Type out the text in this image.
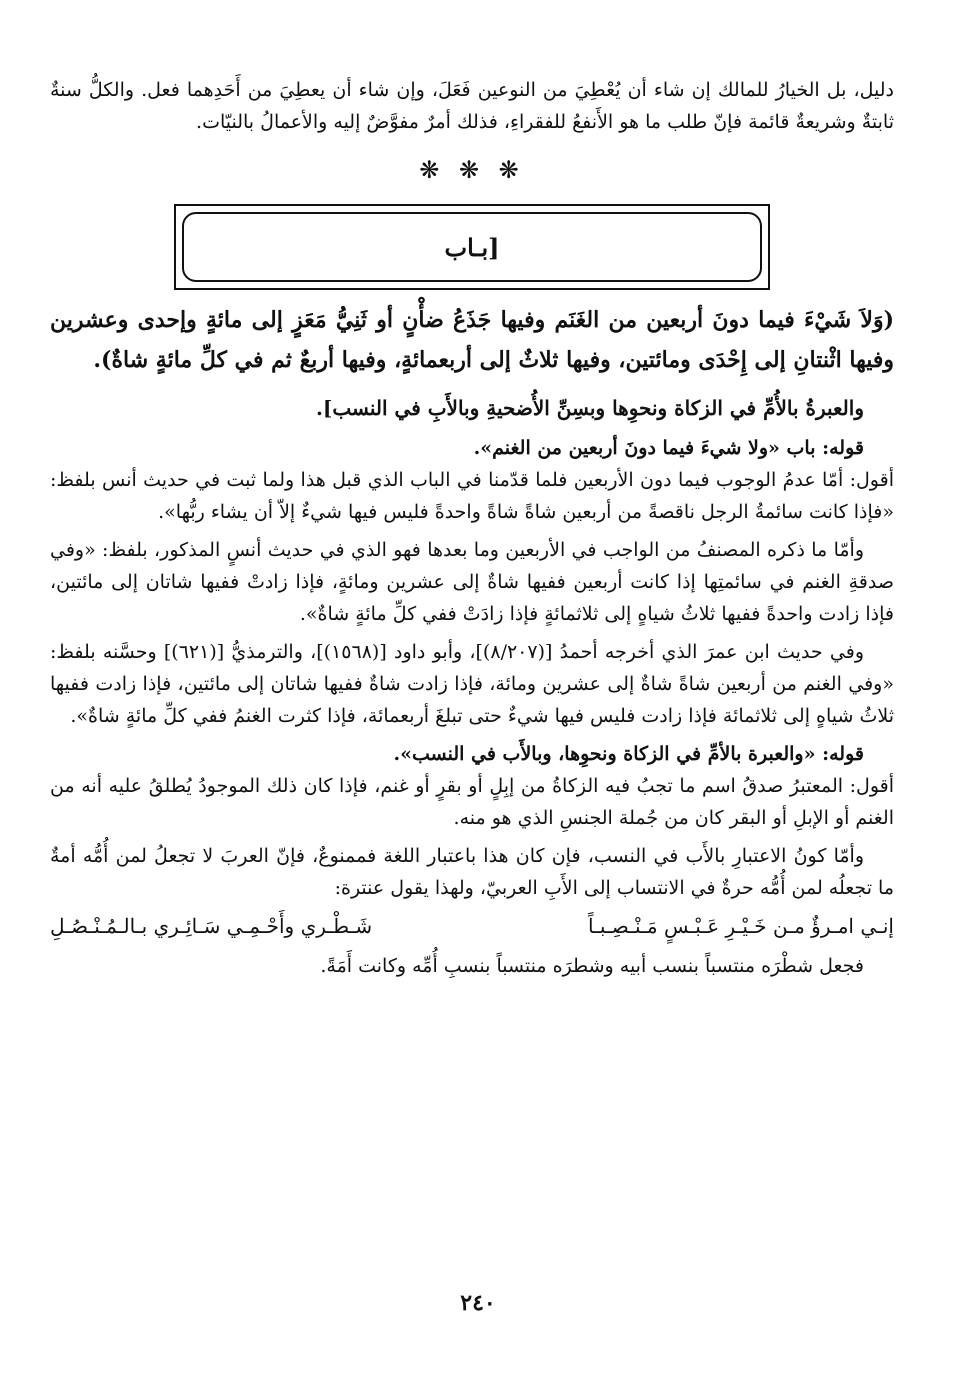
دليل، بل الخيارُ للمالك إن شاء أن يُعْطِيَ من النوعين فَعَلَ، وإن شاء أن يعطِيَ من أَحَدِهما فعل. والكلُّ سنةٌ ثابتةٌ وشريعةٌ قائمة فإنّ طلب ما هو الأَنفعُ للفقراءِ، فذلك أمرٌ مفوَّضٌ إليه والأعمالُ بالنيّات.

❋ ❋ ❋
[بـاب

(وَلاَ شَيْءَ فيما دونَ أربعين من الغَنَم وفيها جَذَعُ ضأْنٍ أو ثَنِيُّ مَعَزٍ إلى مائةٍ وإحدى وعشرين وفيها اثْنتانِ إلى إِحْدَى ومائتين، وفيها ثلاثٌ إلى أربعمائةٍ، وفيها أربعٌ ثم في كلِّ مائةٍ شاةٌ).

والعبرةُ بالأُمِّ في الزكاة ونحوِها وبسِنِّ الأُضحيةِ وبالأَبِ في النسب].

قوله: باب «ولا شيءَ فيما دونَ أربعين من الغنم».

أقول: أمّا عدمُ الوجوب فيما دون الأربعين فلما قدّمنا في الباب الذي قبل هذا ولما ثبت في حديث أنس بلفظ: «فإذا كانت سائمةُ الرجل ناقصةً من أربعين شاةً شاةً واحدةً فليس فيها شيءٌ إلاّ أن يشاء ربُّها».

وأمّا ما ذكره المصنفُ من الواجب في الأربعين وما بعدها فهو الذي في حديث أنسٍ المذكور، بلفظ: «وفي صدقةِ الغنم في سائمتِها إذا كانت أربعين ففيها شاةٌ إلى عشرين ومائةٍ، فإذا زادتْ ففيها شاتان إلى مائتين، فإذا زادت واحدةً ففيها ثلاثُ شياهٍ إلى ثلاثمائةٍ فإذا زادَتْ ففي كلِّ مائةٍ شاةٌ».

وفي حديث ابن عمرَ الذي أخرجه أحمدُ [(٨/٢٠٧)]، وأبو داود [(١٥٦٨)]، والترمذيُّ [(٦٢١)] وحسَّنه بلفظ: «وفي الغنم من أربعين شاةً شاةٌ إلى عشرين ومائة، فإذا زادت شاةٌ ففيها شاتان إلى مائتين، فإذا زادت ففيها ثلاثُ شياهٍ إلى ثلاثمائة فإذا زادت فليس فيها شيءٌ حتى تبلغَ أربعمائة، فإذا كثرت الغنمُ ففي كلِّ مائةٍ شاةٌ».

قوله: «والعبرة بالأمِّ في الزكاة ونحوِها، وبالأَب في النسب».

أقول: المعتبرُ صدقُ اسم ما تجبُ فيه الزكاةُ من إبِلٍ أو بقرٍ أو غنم، فإذا كان ذلك الموجودُ يُطلقُ عليه أنه من الغنم أو الإبلِ أو البقر كان من جُملة الجنسِ الذي هو منه.

وأمّا كونُ الاعتبارِ بالأَب في النسب، فإن كان هذا باعتبار اللغة فممنوعٌ، فإنّ العربَ لا تجعلُ لمن أُمُّه أمةٌ ما تجعلُه لمن أُمُّه حرةٌ في الانتساب إلى الأَبِ العربيّ، ولهذا يقول عنترة:

إنـي امـرؤٌ مـن خَـيْـرِ عَـبْـسٍ مَـنْـصِـبـاً
شَـطْـري وأَحْـمِـي سَـائِـري بـالـمُـنْـصُـلِ

فجعل شطْرَه منتسباً بنسب أبيه وشطرَه منتسباً بنسبِ أُمِّه وكانت أَمَةً.

٢٤٠
